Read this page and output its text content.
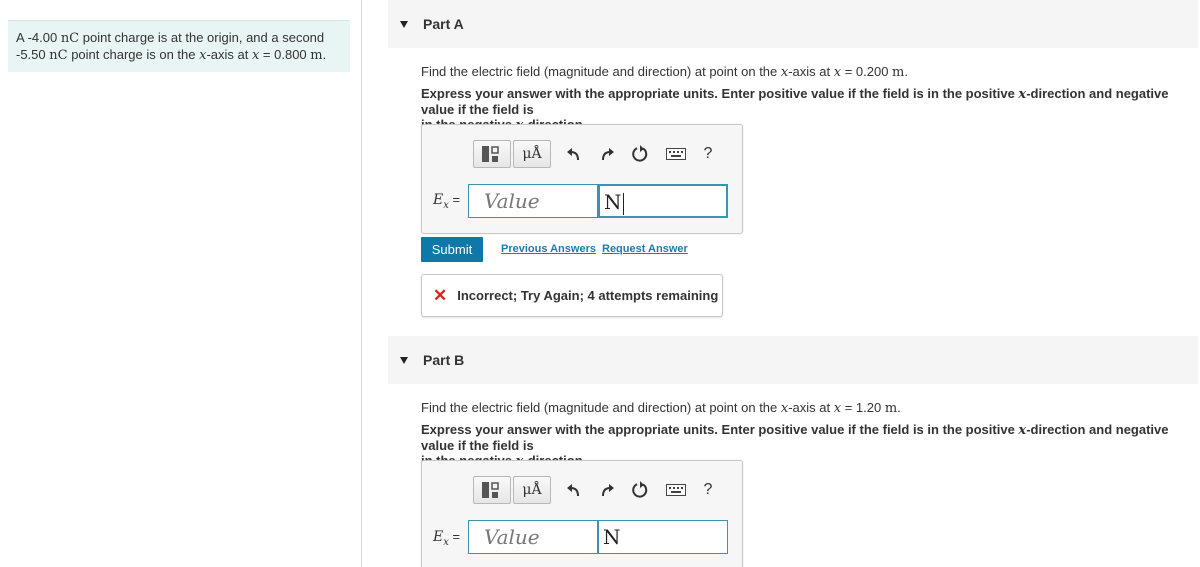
A -4.00 nC point charge is at the origin, and a second
-5.50 nC point charge is on the x-axis at x = 0.800 m.
Part A
Find the electric field (magnitude and direction) at point on the x-axis at x = 0.200 m.
Express your answer with the appropriate units. Enter positive value if the field is in the positive x-direction and negative value if the field is
μÅ	?
$E_x$ =	Value	N
Submit	Previous Answers Request Answer
✕ Incorrect; Try Again; 4 attempts remaining
Part B
Find the electric field (magnitude and direction) at point on the x-axis at x = 1.20 m.
Express your answer with the appropriate units. Enter positive value if the field is in the positive x-direction and negative value if the field is
μÅ	?
$E_x$ =	Value	N
